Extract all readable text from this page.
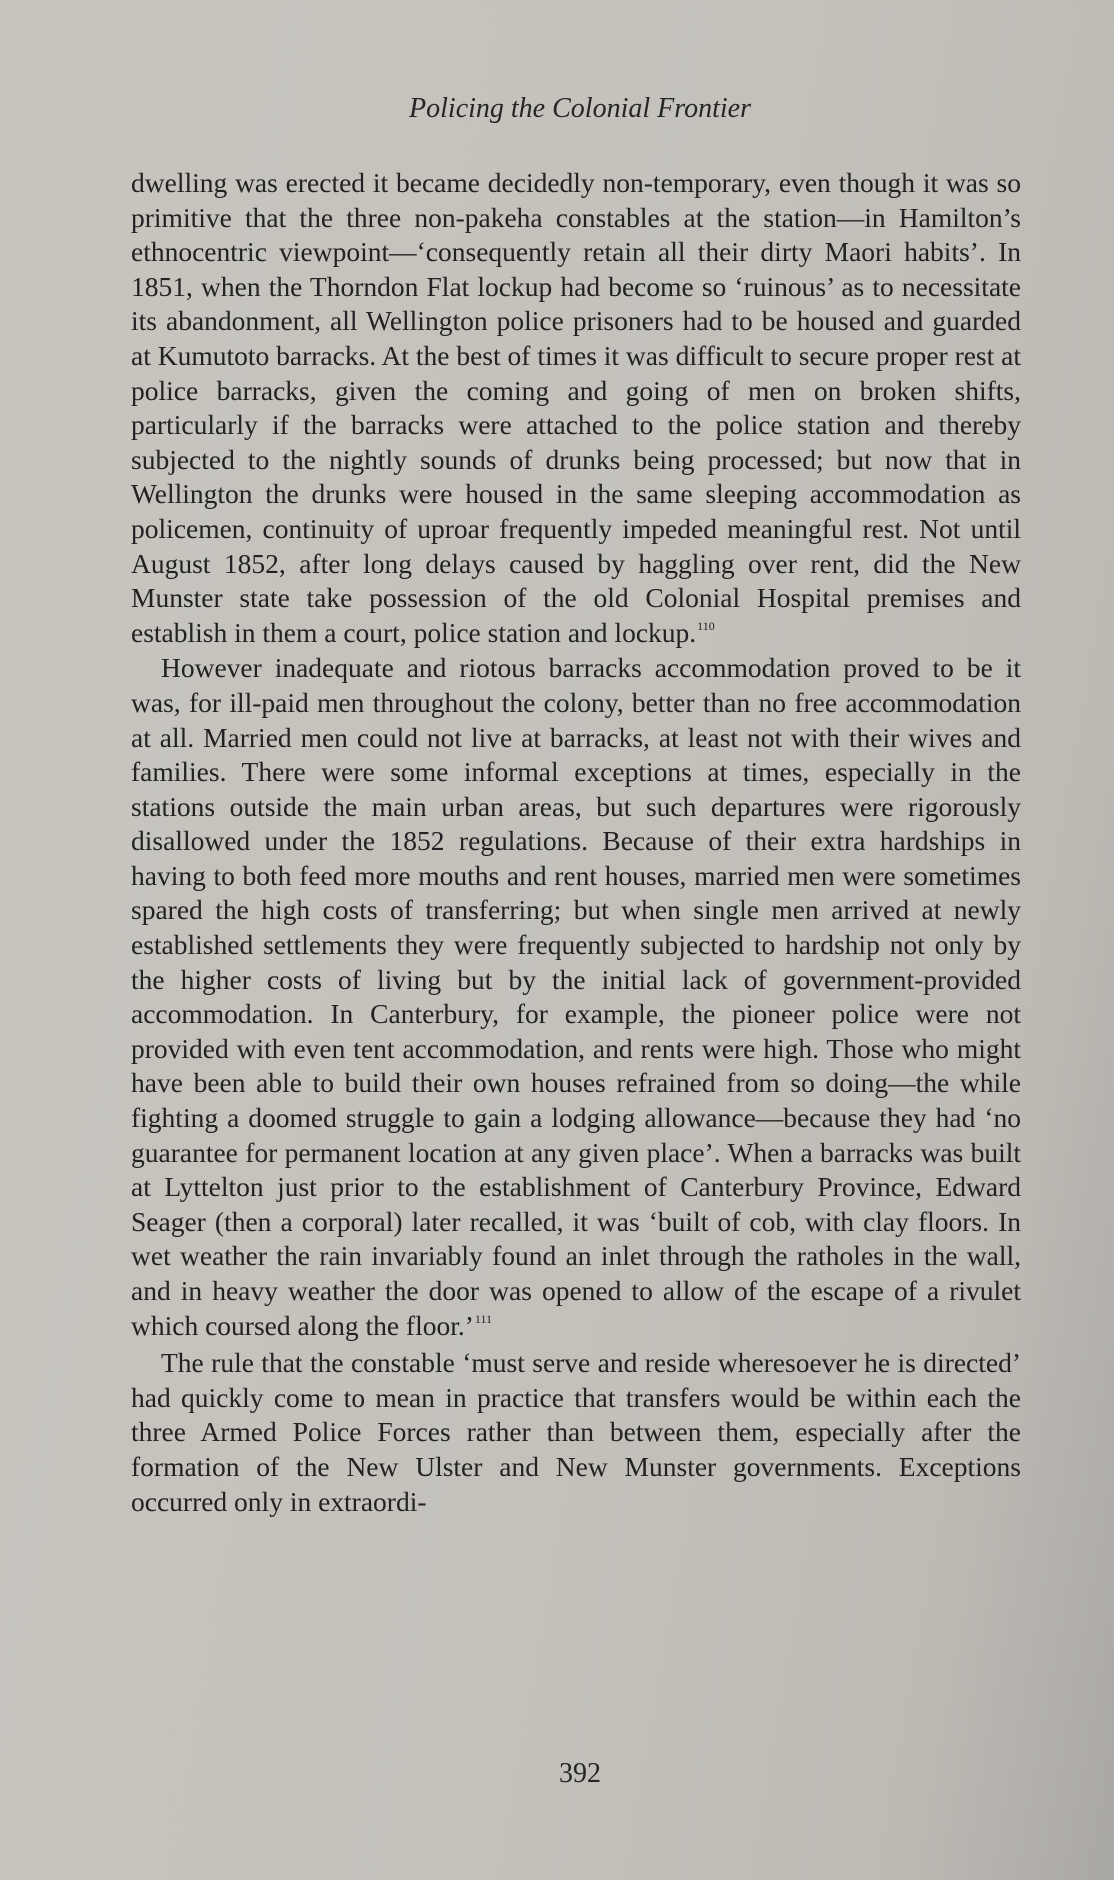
Policing the Colonial Frontier

dwelling was erected it became decidedly non-temporary, even though it was so primitive that the three non-pakeha constables at the station—in Hamilton’s ethnocentric viewpoint—‘consequently retain all their dirty Maori habits’. In 1851, when the Thorndon Flat lockup had become so ‘ruinous’ as to necessitate its abandonment, all Wellington police prisoners had to be housed and guarded at Kumutoto barracks. At the best of times it was difficult to secure proper rest at police barracks, given the coming and going of men on broken shifts, particularly if the barracks were attached to the police station and thereby subjected to the nightly sounds of drunks being processed; but now that in Wellington the drunks were housed in the same sleeping accommodation as policemen, continuity of uproar frequently impeded meaningful rest. Not until August 1852, after long delays caused by haggling over rent, did the New Munster state take possession of the old Colonial Hospital premises and establish in them a court, police station and lockup.$^{110}$

However inadequate and riotous barracks accommodation proved to be it was, for ill-paid men throughout the colony, better than no free accommodation at all. Married men could not live at barracks, at least not with their wives and families. There were some informal exceptions at times, especially in the stations outside the main urban areas, but such departures were rigorously disallowed under the 1852 regulations. Because of their extra hardships in having to both feed more mouths and rent houses, married men were sometimes spared the high costs of transferring; but when single men arrived at newly established settlements they were frequently subjected to hardship not only by the higher costs of living but by the initial lack of government-provided accommodation. In Canterbury, for example, the pioneer police were not provided with even tent accommodation, and rents were high. Those who might have been able to build their own houses refrained from so doing—the while fighting a doomed struggle to gain a lodging allowance—because they had ‘no guarantee for permanent location at any given place’. When a barracks was built at Lyttelton just prior to the establishment of Canterbury Province, Edward Seager (then a corporal) later recalled, it was ‘built of cob, with clay floors. In wet weather the rain invariably found an inlet through the ratholes in the wall, and in heavy weather the door was opened to allow of the escape of a rivulet which coursed along the floor.’$^{111}$

The rule that the constable ‘must serve and reside wheresoever he is directed’ had quickly come to mean in practice that transfers would be within each the three Armed Police Forces rather than between them, especially after the formation of the New Ulster and New Munster governments. Exceptions occurred only in extraordi-

392
